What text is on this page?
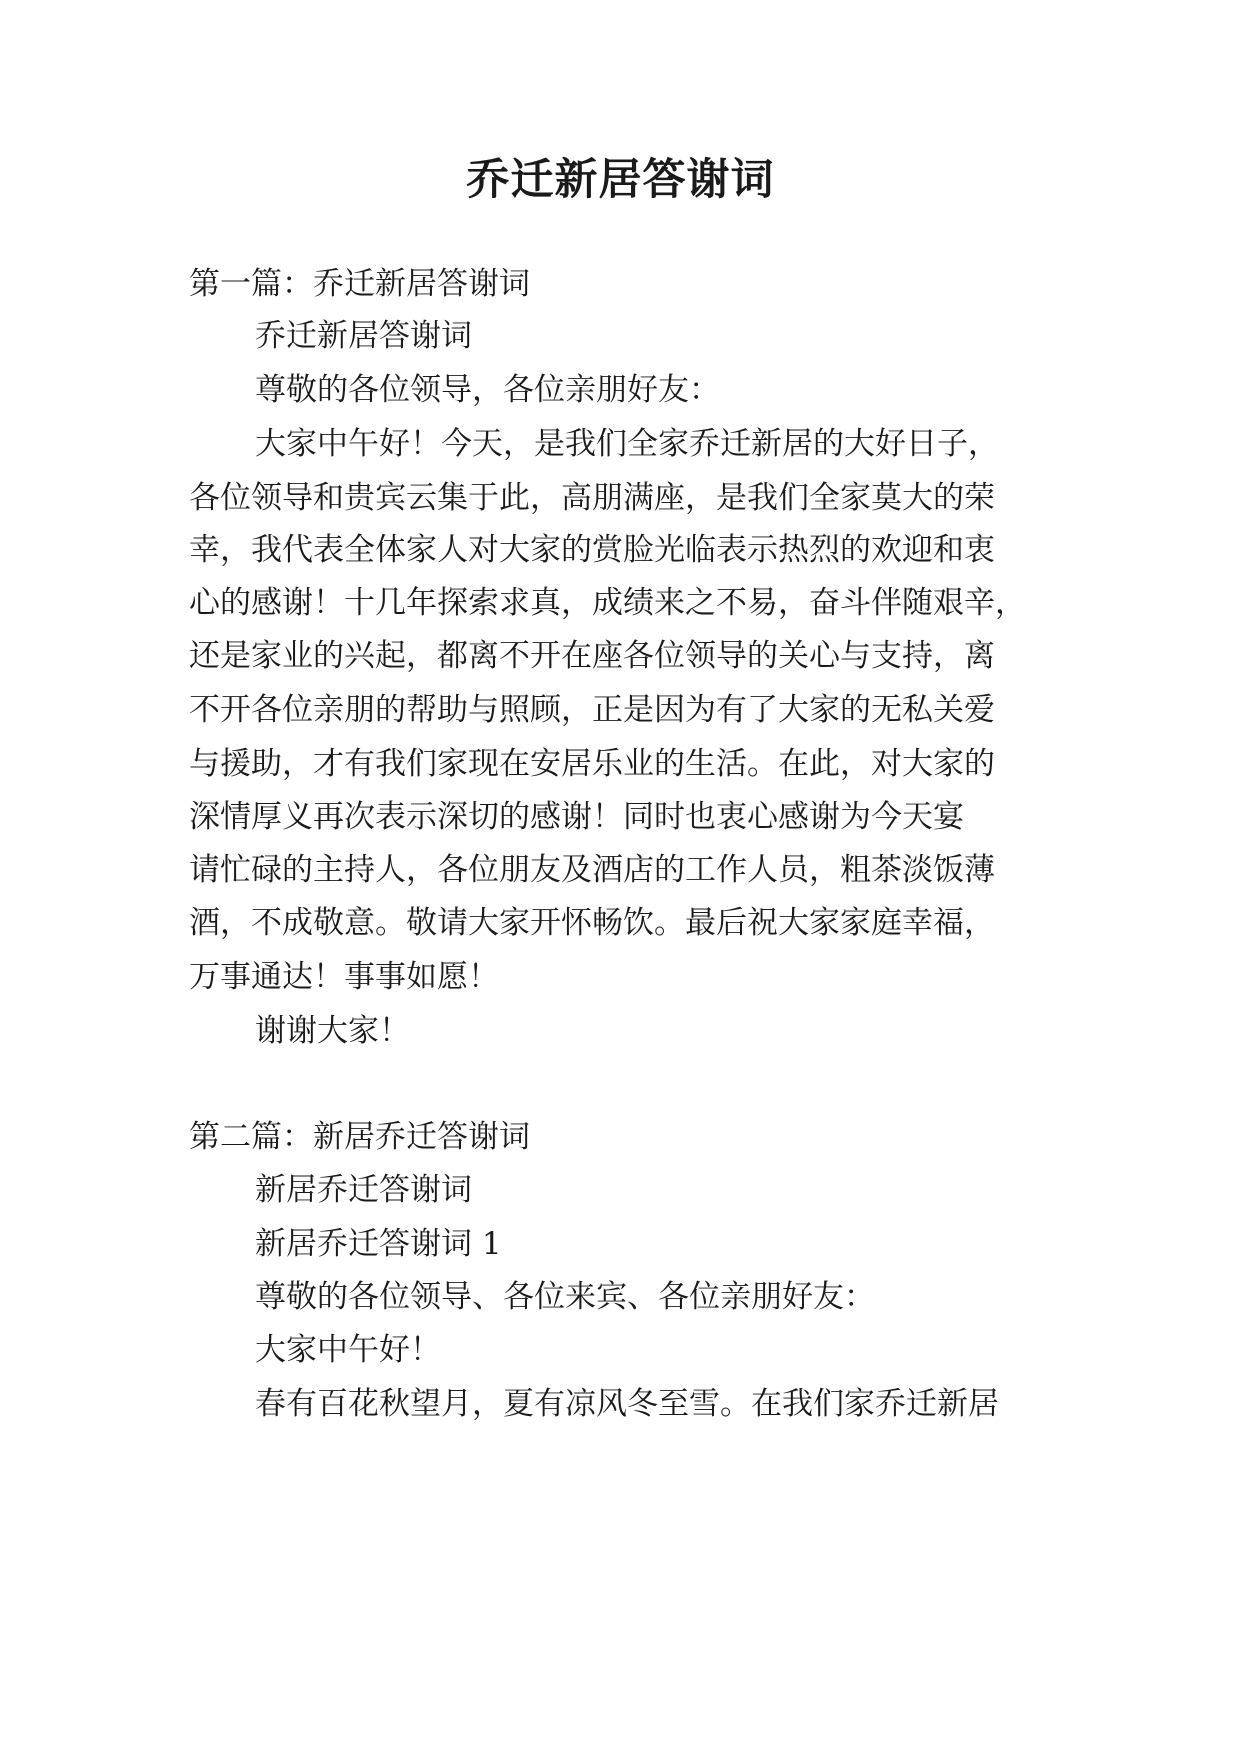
乔迁新居答谢词
第一篇：乔迁新居答谢词
乔迁新居答谢词
尊敬的各位领导，各位亲朋好友：
大家中午好！今天，是我们全家乔迁新居的大好日子，
各位领导和贵宾云集于此，高朋满座，是我们全家莫大的荣
幸，我代表全体家人对大家的赏脸光临表示热烈的欢迎和衷
心的感谢！十几年探索求真，成绩来之不易，奋斗伴随艰辛，
还是家业的兴起，都离不开在座各位领导的关心与支持，离
不开各位亲朋的帮助与照顾，正是因为有了大家的无私关爱
与援助，才有我们家现在安居乐业的生活。在此，对大家的
深情厚义再次表示深切的感谢！同时也衷心感谢为今天宴
请忙碌的主持人，各位朋友及酒店的工作人员，粗茶淡饭薄
酒，不成敬意。敬请大家开怀畅饮。最后祝大家家庭幸福，
万事通达！事事如愿！
谢谢大家！
第二篇：新居乔迁答谢词
新居乔迁答谢词
新居乔迁答谢词 1
尊敬的各位领导、各位来宾、各位亲朋好友：
大家中午好！
春有百花秋望月，夏有凉风冬至雪。在我们家乔迁新居
